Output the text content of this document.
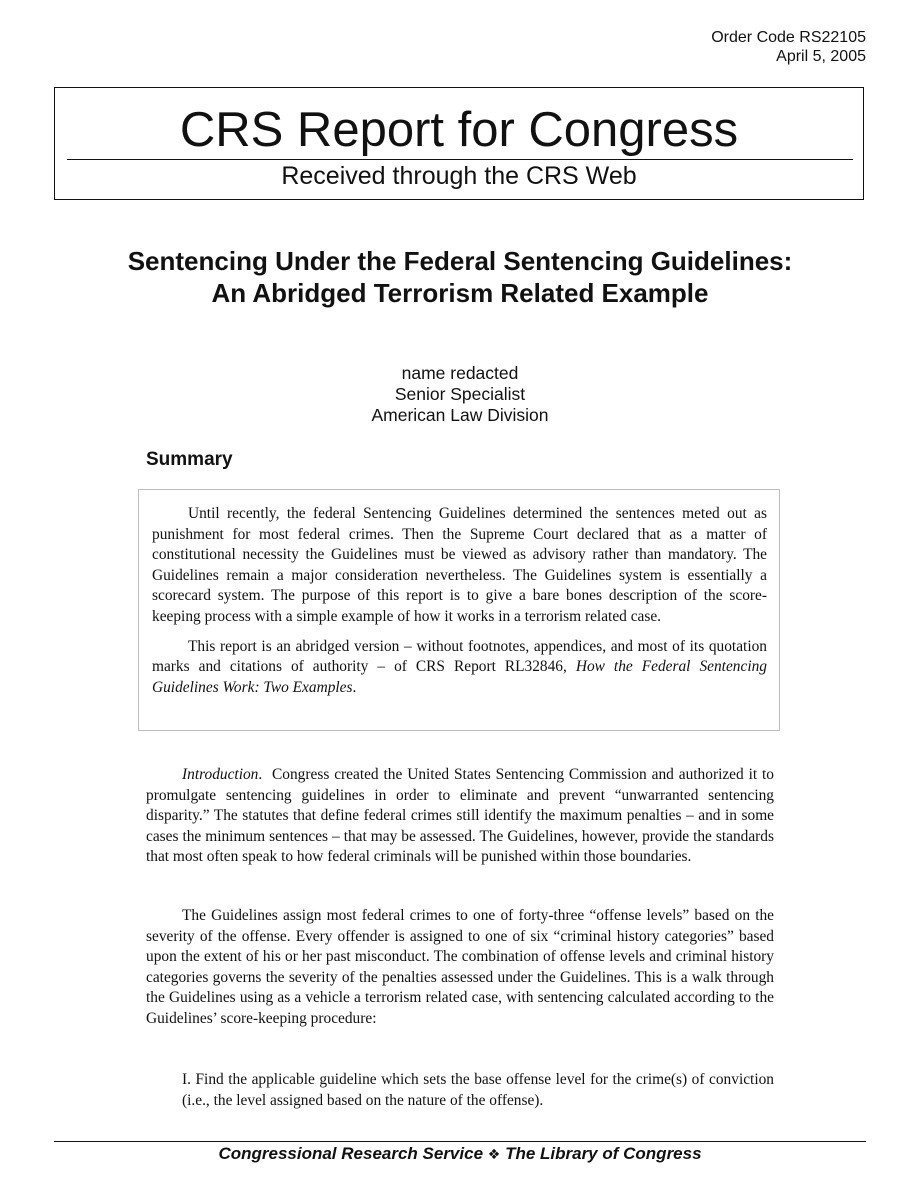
Order Code RS22105
April 5, 2005
CRS Report for Congress
Received through the CRS Web
Sentencing Under the Federal Sentencing Guidelines: An Abridged Terrorism Related Example
name redacted
Senior Specialist
American Law Division
Summary

Until recently, the federal Sentencing Guidelines determined the sentences meted out as punishment for most federal crimes. Then the Supreme Court declared that as a matter of constitutional necessity the Guidelines must be viewed as advisory rather than mandatory. The Guidelines remain a major consideration nevertheless. The Guidelines system is essentially a scorecard system. The purpose of this report is to give a bare bones description of the score-keeping process with a simple example of how it works in a terrorism related case.

This report is an abridged version – without footnotes, appendices, and most of its quotation marks and citations of authority – of CRS Report RL32846, How the Federal Sentencing Guidelines Work: Two Examples.

Introduction.  Congress created the United States Sentencing Commission and authorized it to promulgate sentencing guidelines in order to eliminate and prevent “unwarranted sentencing disparity.” The statutes that define federal crimes still identify the maximum penalties – and in some cases the minimum sentences – that may be assessed. The Guidelines, however, provide the standards that most often speak to how federal criminals will be punished within those boundaries.

The Guidelines assign most federal crimes to one of forty-three “offense levels” based on the severity of the offense. Every offender is assigned to one of six “criminal history categories” based upon the extent of his or her past misconduct. The combination of offense levels and criminal history categories governs the severity of the penalties assessed under the Guidelines. This is a walk through the Guidelines using as a vehicle a terrorism related case, with sentencing calculated according to the Guidelines’ score-keeping procedure:

I. Find the applicable guideline which sets the base offense level for the crime(s) of conviction (i.e., the level assigned based on the nature of the offense).

Congressional Research Service ❖ The Library of Congress
